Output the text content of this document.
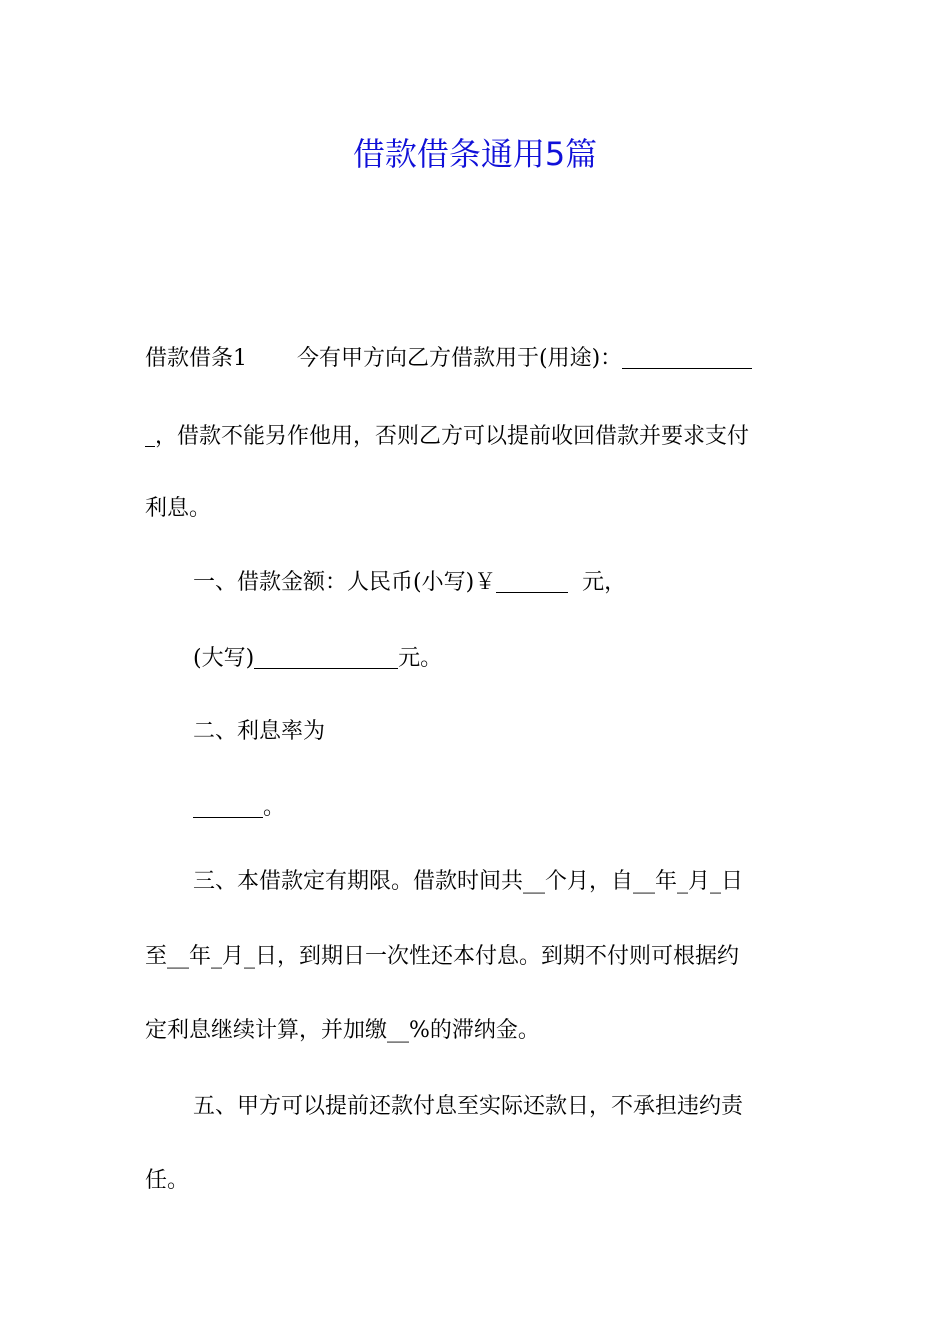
借款借条通用5篇
借款借条1 今有甲方向乙方借款用于(用途)：
，借款不能另作他用，否则乙方可以提前收回借款并要求支付
利息。
一、借款金额：人民币(小写)￥	元，
(大写)	元。
二、利息率为
。
三、本借款定有期限。借款时间共__个月，自__年_月_日
至__年_月_日，到期日一次性还本付息。到期不付则可根据约
定利息继续计算，并加缴__%的滞纳金。
五、甲方可以提前还款付息至实际还款日，不承担违约责
任。
